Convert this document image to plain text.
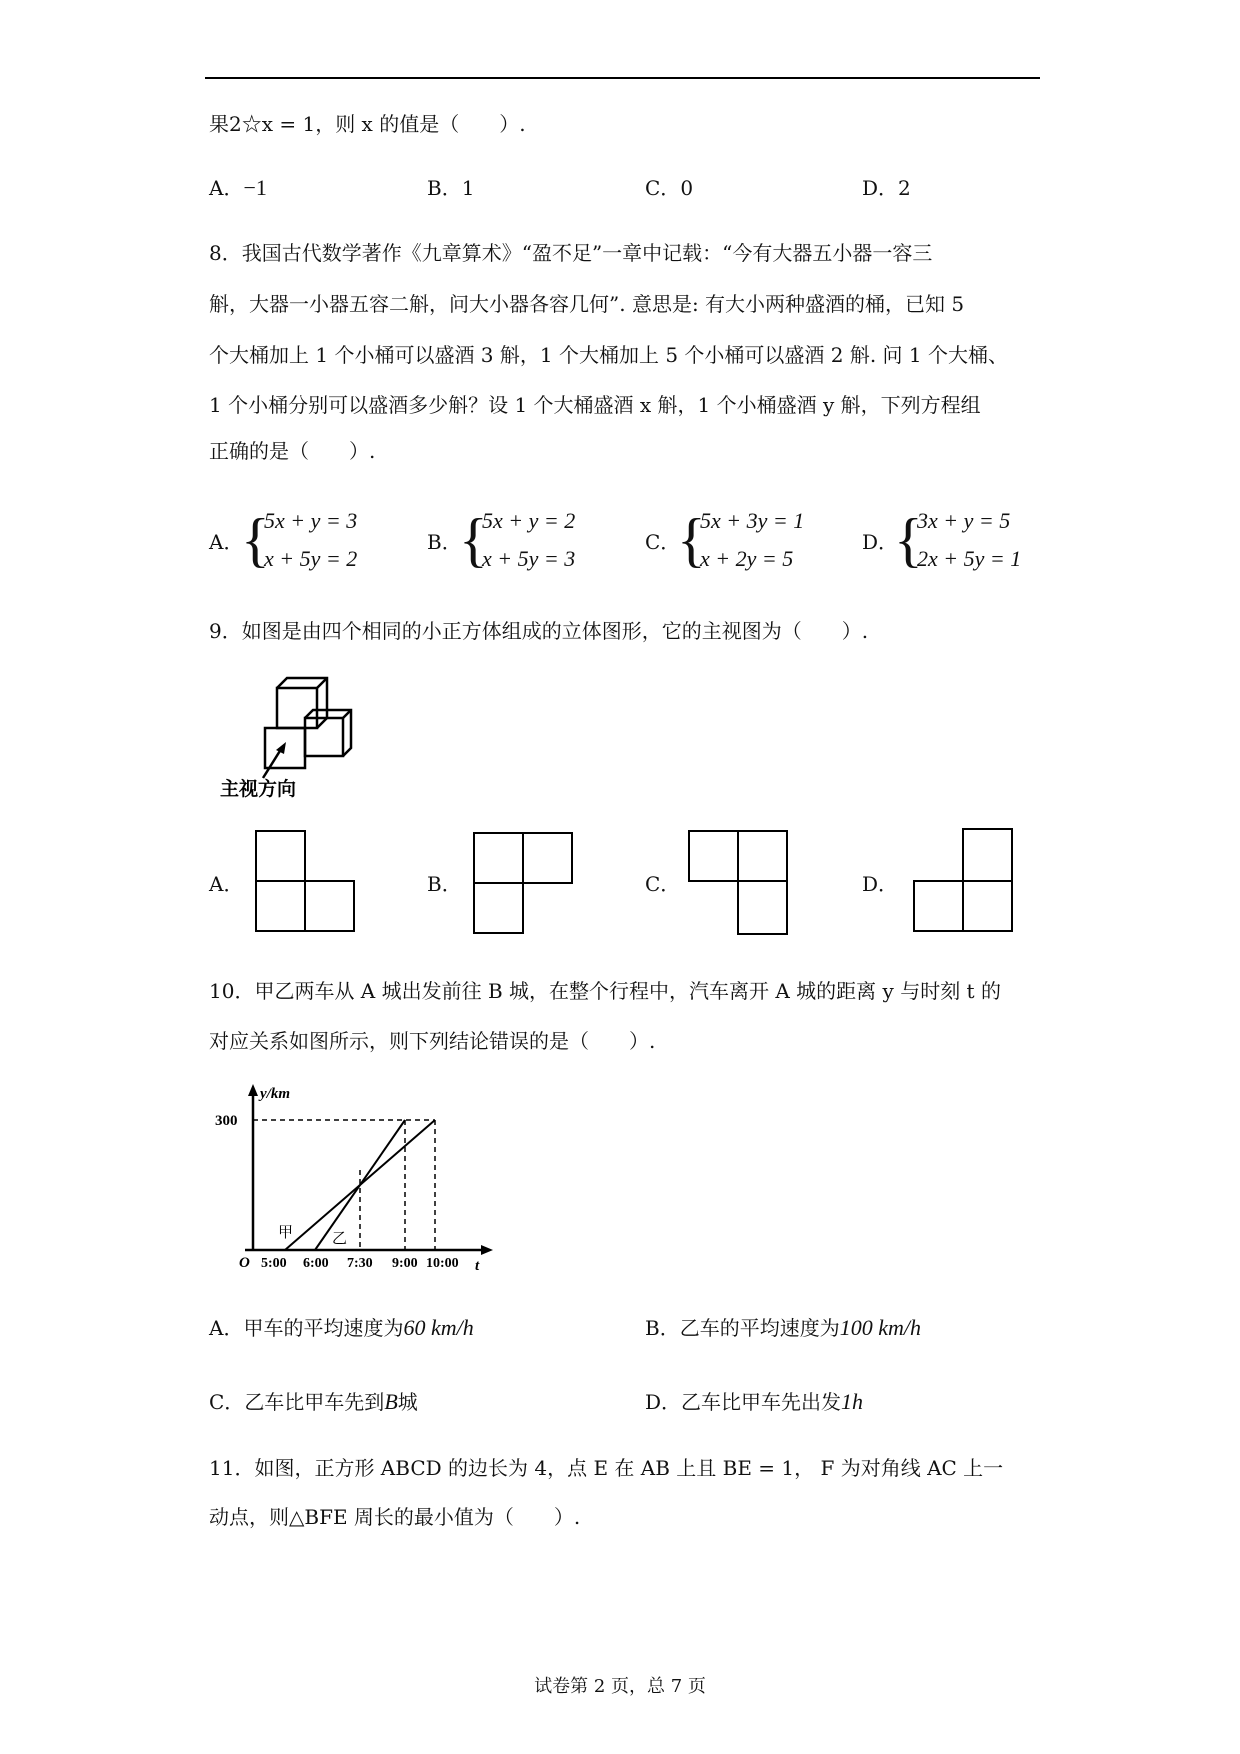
果2☆x = 1，则 x 的值是（　　）.
A．−1	B．1	C．0	D．2
8．我国古代数学著作《九章算术》“盈不足”一章中记载：“今有大器五小器一容三
斛，大器一小器五容二斛，问大小器各容几何”. 意思是: 有大小两种盛酒的桶，已知 5
个大桶加上 1 个小桶可以盛酒 3 斛，1 个大桶加上 5 个小桶可以盛酒 2 斛. 问 1 个大桶、
1 个小桶分别可以盛酒多少斛？设 1 个大桶盛酒 x 斛，1 个小桶盛酒 y 斛，下列方程组
正确的是（　　）.
A．
{
5x + y = 3
x + 5y = 2
B．
{
5x + y = 2
x + 5y = 3
C．
{
5x + 3y = 1
x + 2y = 5
D．
{
3x + y = 5
2x + 5y = 1
9．如图是由四个相同的小正方体组成的立体图形，它的主视图为（　　）.
主视方向
A．	B．	C．	D．
10．甲乙两车从 A 城出发前往 B 城，在整个行程中，汽车离开 A 城的距离 y 与时刻 t 的
对应关系如图所示，则下列结论错误的是（　　）.
y/km
300
O	t
5:00 6:00 7:30 9:00 10:00
甲	乙
A．甲车的平均速度为60 km/h	B．乙车的平均速度为100 km/h
C．乙车比甲车先到B城	D．乙车比甲车先出发1h
11．如图，正方形 ABCD 的边长为 4，点 E 在 AB 上且 BE = 1， F 为对角线 AC 上一
动点，则△BFE 周长的最小值为（　　）.
试卷第 2 页，总 7 页
